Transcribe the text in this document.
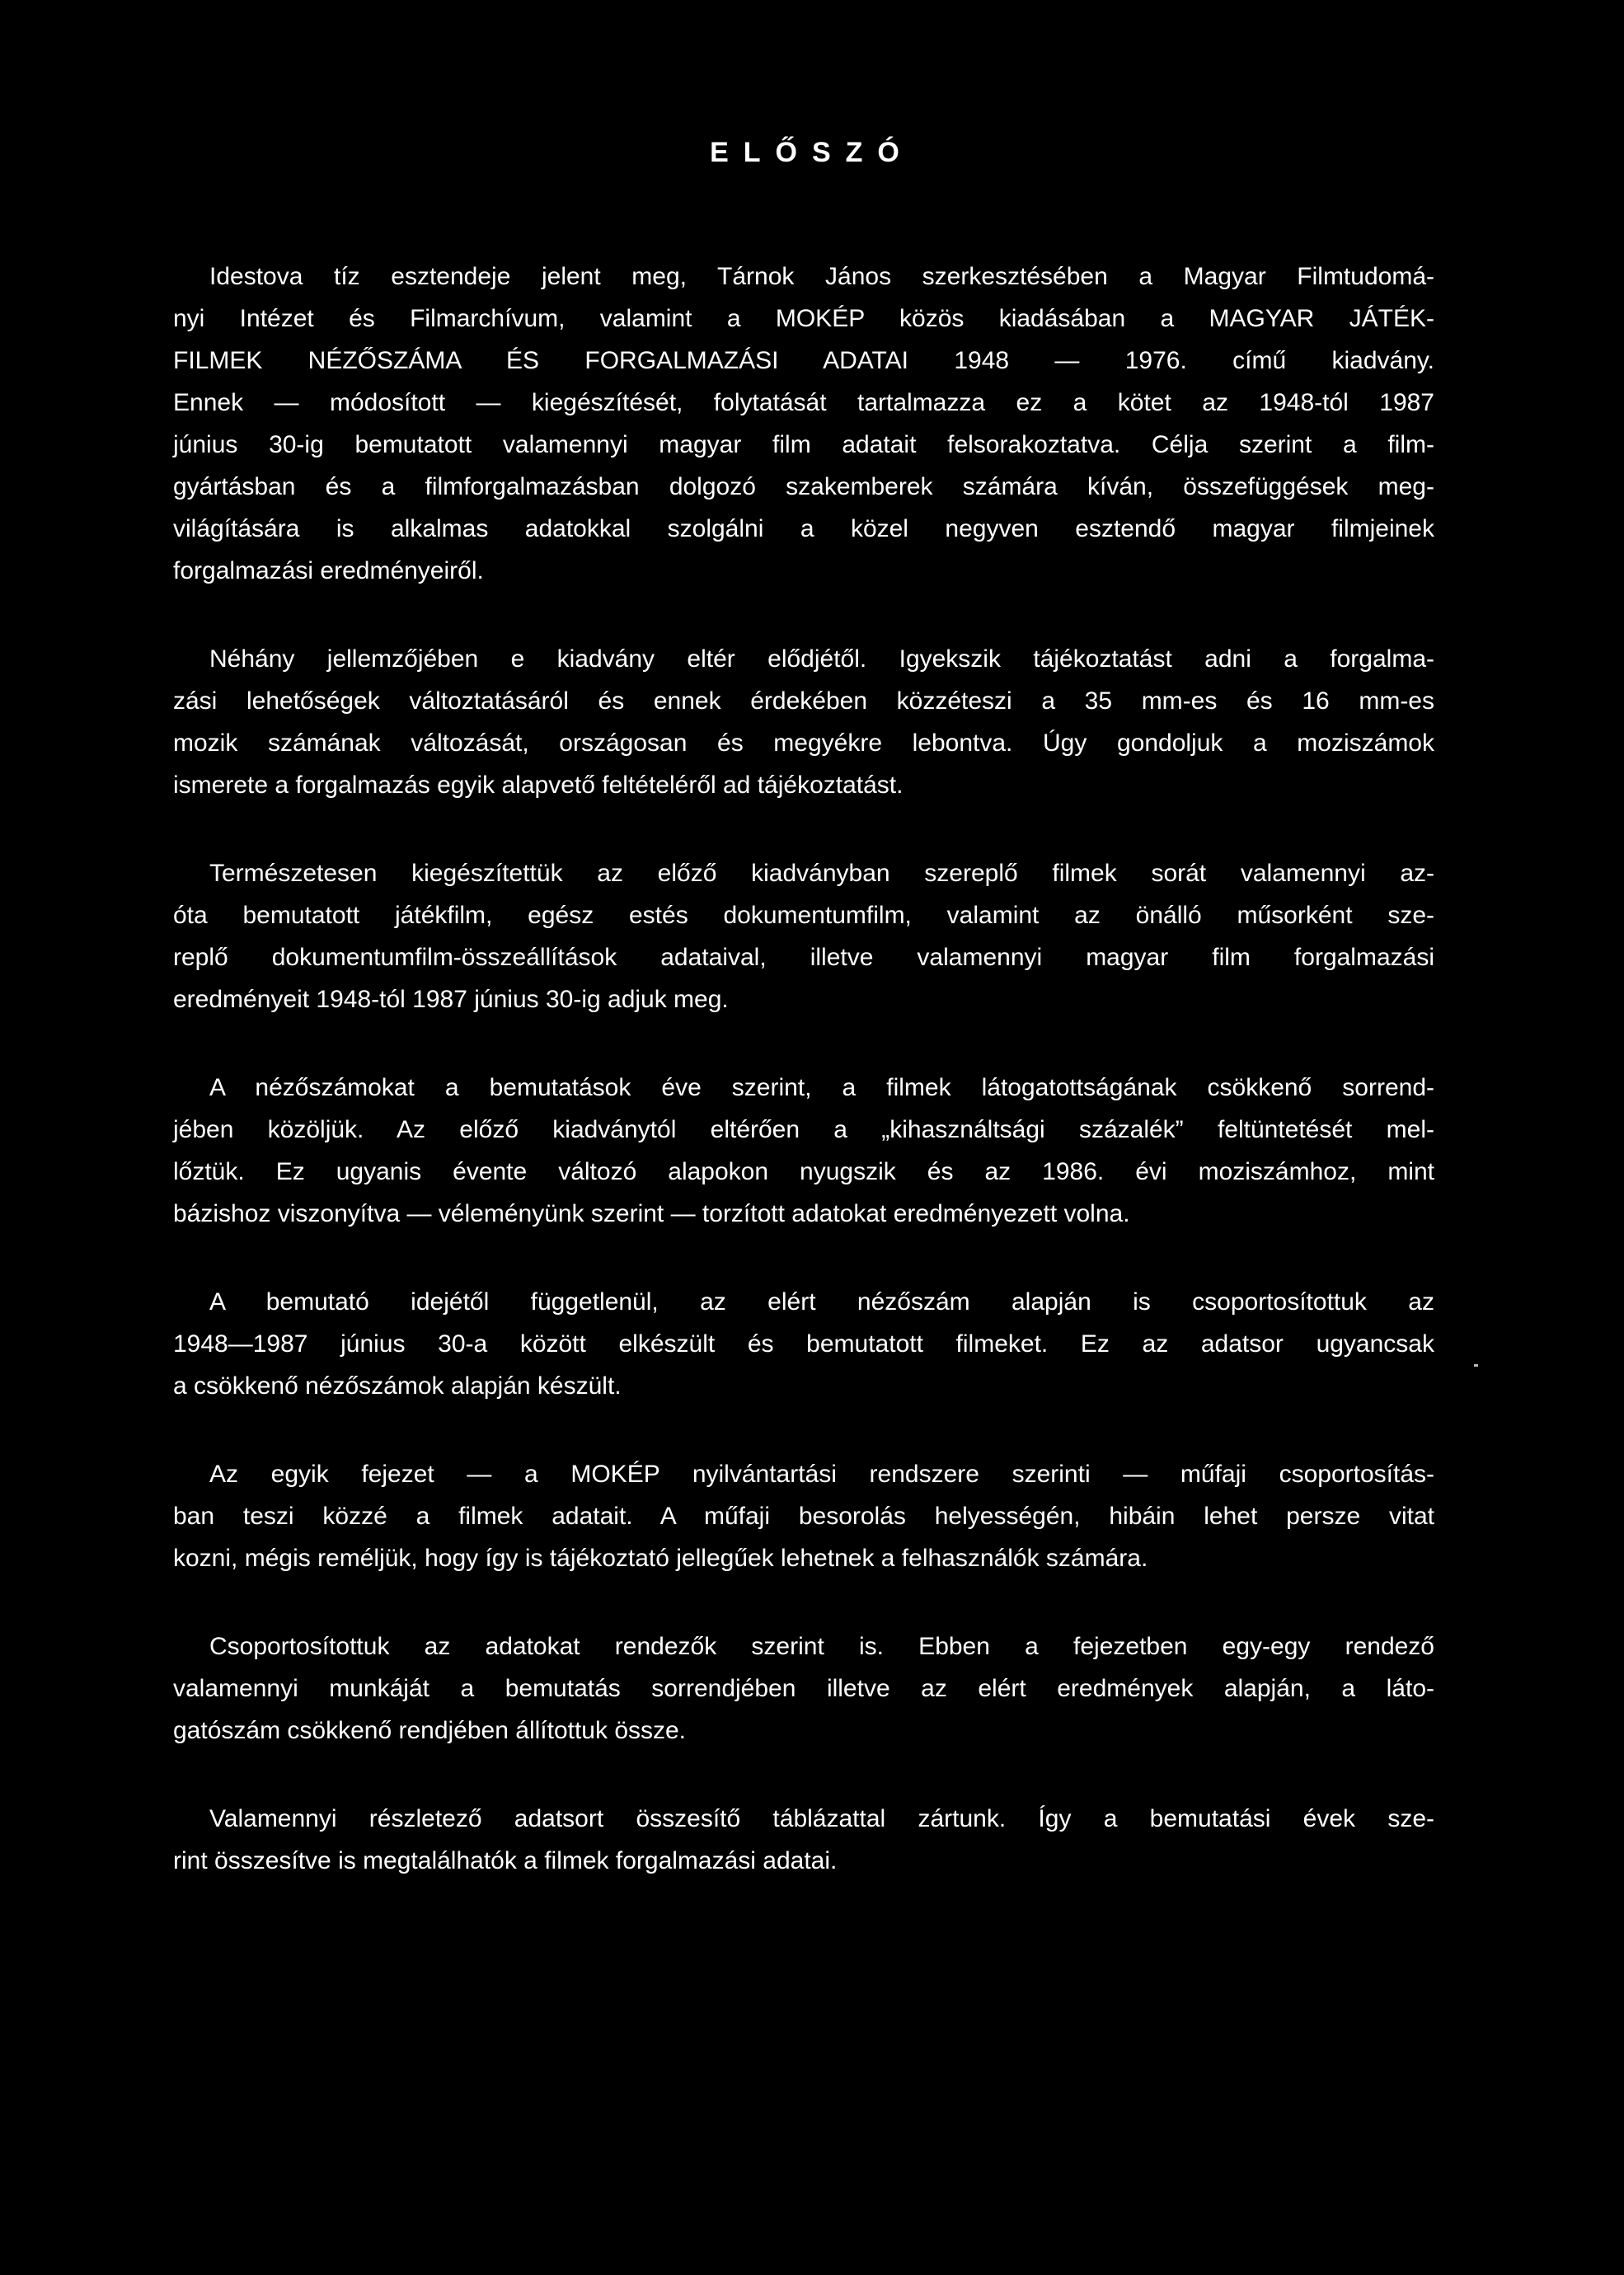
ELŐSZÓ
Idestova tíz esztendeje jelent meg, Tárnok János szerkesztésében a Magyar Filmtudomá-
nyi Intézet és Filmarchívum, valamint a MOKÉP közös kiadásában a MAGYAR JÁTÉK-
FILMEK NÉZŐSZÁMA ÉS FORGALMAZÁSI ADATAI 1948 — 1976. című kiadvány.
Ennek — módosított — kiegészítését, folytatását tartalmazza ez a kötet az 1948-tól 1987
június 30-ig bemutatott valamennyi magyar film adatait felsorakoztatva. Célja szerint a film-
gyártásban és a filmforgalmazásban dolgozó szakemberek számára kíván, összefüggések meg-
világítására is alkalmas adatokkal szolgálni a közel negyven esztendő magyar filmjeinek
forgalmazási eredményeiről.
Néhány jellemzőjében e kiadvány eltér elődjétől. Igyekszik tájékoztatást adni a forgalma-
zási lehetőségek változtatásáról és ennek érdekében közzéteszi a 35 mm-es és 16 mm-es
mozik számának változását, országosan és megyékre lebontva. Úgy gondoljuk a moziszámok
ismerete a forgalmazás egyik alapvető feltételéről ad tájékoztatást.
Természetesen kiegészítettük az előző kiadványban szereplő filmek sorát valamennyi az-
óta bemutatott játékfilm, egész estés dokumentumfilm, valamint az önálló műsorként sze-
replő dokumentumfilm-összeállítások adataival, illetve valamennyi magyar film forgalmazási
eredményeit 1948-tól 1987 június 30-ig adjuk meg.
A nézőszámokat a bemutatások éve szerint, a filmek látogatottságának csökkenő sorrend-
jében közöljük. Az előző kiadványtól eltérően a „kihasználtsági százalék” feltüntetését mel-
lőztük. Ez ugyanis évente változó alapokon nyugszik és az 1986. évi moziszámhoz, mint
bázishoz viszonyítva — véleményünk szerint — torzított adatokat eredményezett volna.
A bemutató idejétől függetlenül, az elért nézőszám alapján is csoportosítottuk az
1948—1987 június 30-a között elkészült és bemutatott filmeket. Ez az adatsor ugyancsak
a csökkenő nézőszámok alapján készült.
Az egyik fejezet — a MOKÉP nyilvántartási rendszere szerinti — műfaji csoportosítás-
ban teszi közzé a filmek adatait. A műfaji besorolás helyességén, hibáin lehet persze vitat
kozni, mégis reméljük, hogy így is tájékoztató jellegűek lehetnek a felhasználók számára.
Csoportosítottuk az adatokat rendezők szerint is. Ebben a fejezetben egy-egy rendező
valamennyi munkáját a bemutatás sorrendjében illetve az elért eredmények alapján, a láto-
gatószám csökkenő rendjében állítottuk össze.
Valamennyi részletező adatsort összesítő táblázattal zártunk. Így a bemutatási évek sze-
rint összesítve is megtalálhatók a filmek forgalmazási adatai.
